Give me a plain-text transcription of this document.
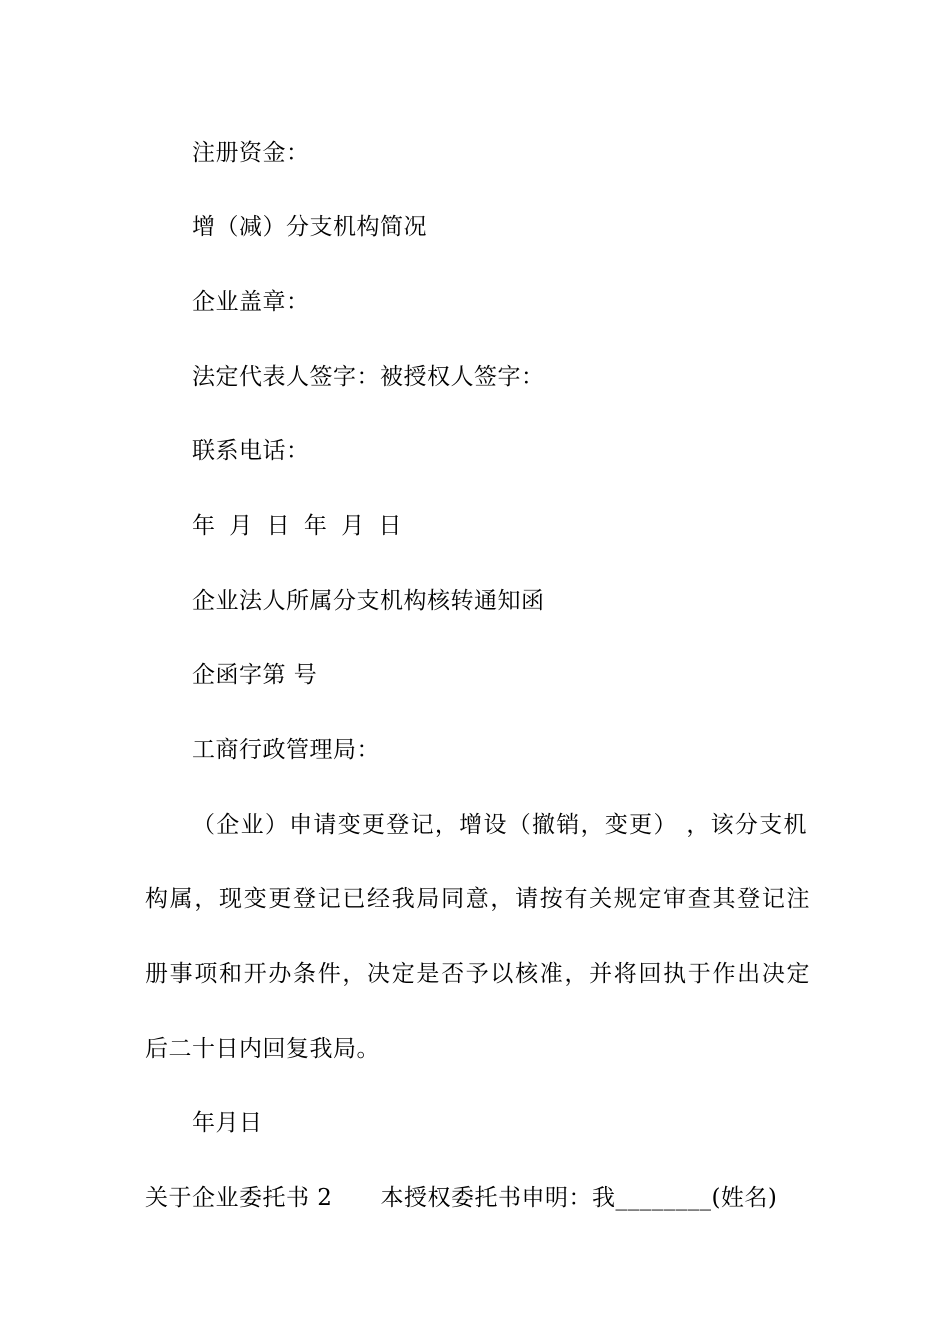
注册资金：
增（减）分支机构简况
企业盖章：
法定代表人签字：被授权人签字：
联系电话：
年 月 日 年 月 日
企业法人所属分支机构核转通知函
企函字第 号
工商行政管理局：
（企业）申请变更登记，增设（撤销，变更） ，该分支机
构属，现变更登记已经我局同意，请按有关规定审查其登记注
册事项和开办条件，决定是否予以核准，并将回执于作出决定
后二十日内回复我局。
年月日
关于企业委托书 2 本授权委托书申明：我________(姓名)
